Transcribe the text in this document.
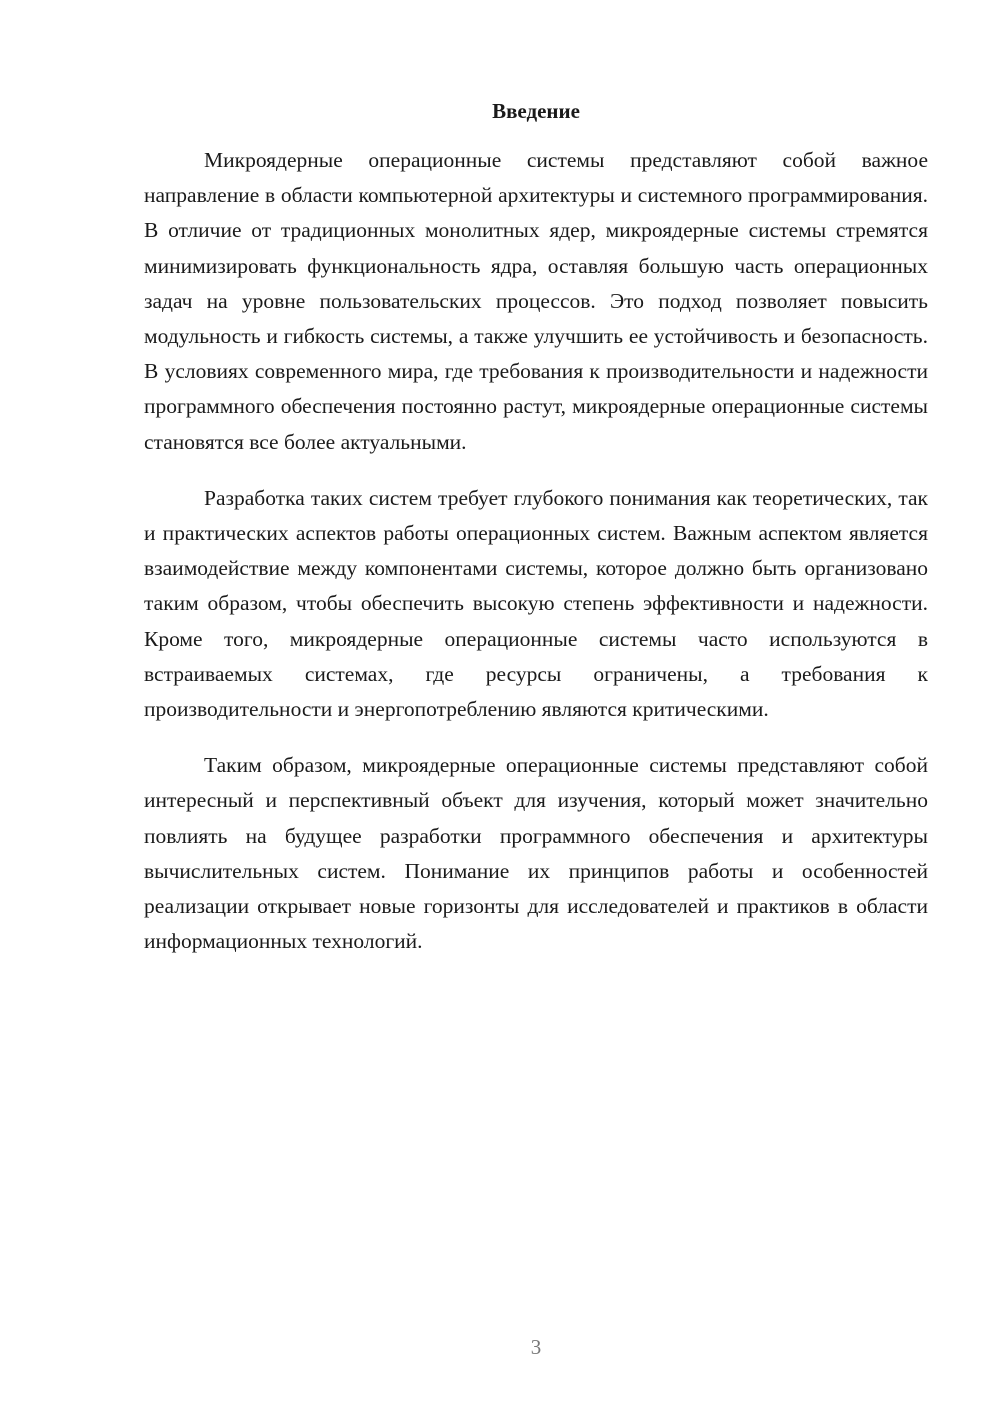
Введение

Микроядерные операционные системы представляют собой важное направление в области компьютерной архитектуры и системного программирования. В отличие от традиционных монолитных ядер, микроядерные системы стремятся минимизировать функциональность ядра, оставляя большую часть операционных задач на уровне пользовательских процессов. Это подход позволяет повысить модульность и гибкость системы, а также улучшить ее устойчивость и безопасность. В условиях современного мира, где требования к производительности и надежности программного обеспечения постоянно растут, микроядерные операционные системы становятся все более актуальными.

Разработка таких систем требует глубокого понимания как теоретических, так и практических аспектов работы операционных систем. Важным аспектом является взаимодействие между компонентами системы, которое должно быть организовано таким образом, чтобы обеспечить высокую степень эффективности и надежности. Кроме того, микроядерные операционные системы часто используются в встраиваемых системах, где ресурсы ограничены, а требования к производительности и энергопотреблению являются критическими.

Таким образом, микроядерные операционные системы представляют собой интересный и перспективный объект для изучения, который может значительно повлиять на будущее разработки программного обеспечения и архитектуры вычислительных систем. Понимание их принципов работы и особенностей реализации открывает новые горизонты для исследователей и практиков в области информационных технологий.

3
